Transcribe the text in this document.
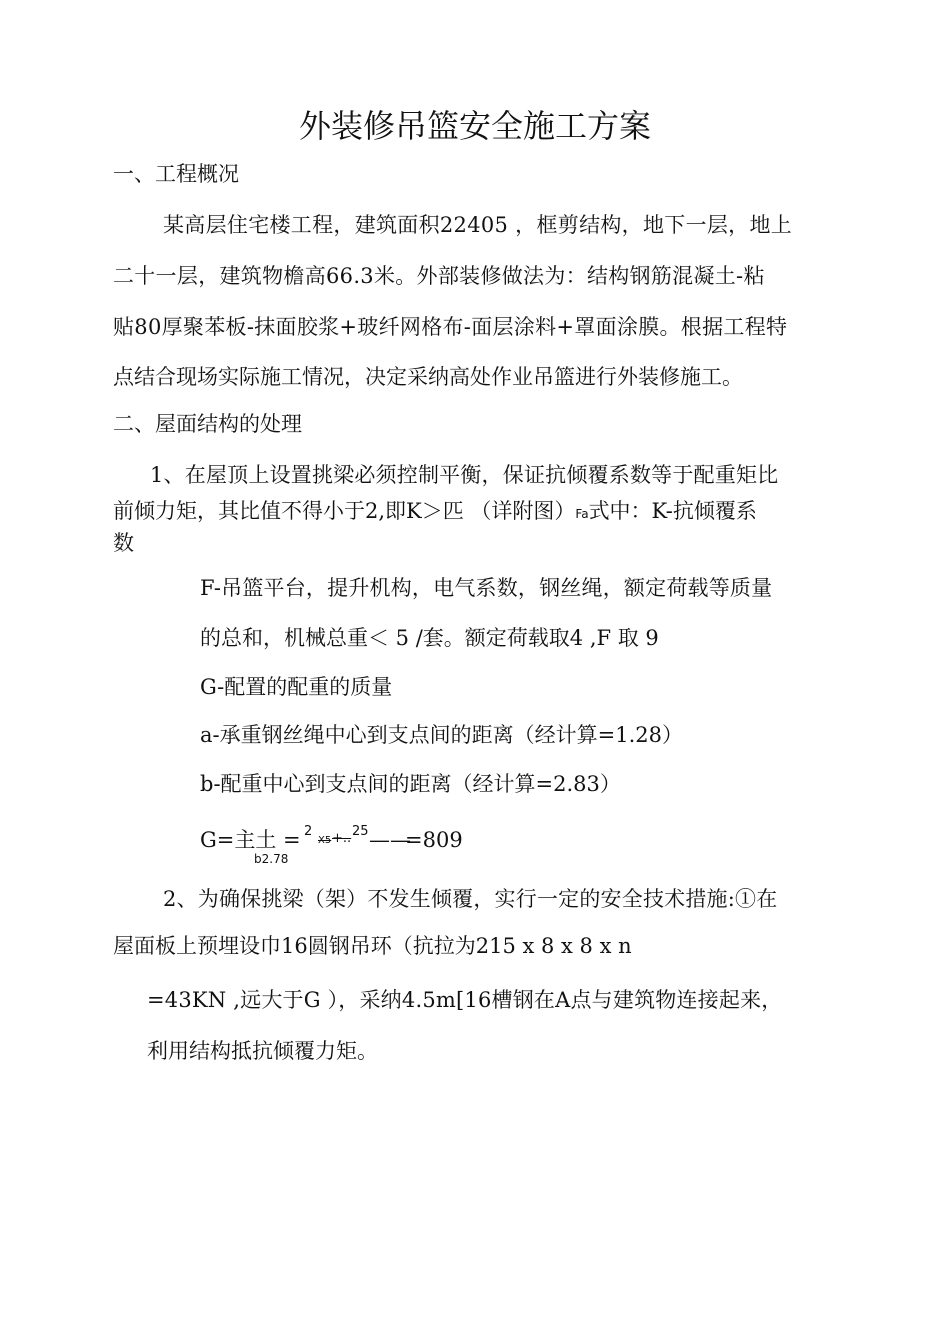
外装修吊篮安全施工方案
一、工程概况
某高层住宅楼工程，建筑面积22405 ，框剪结构，地下一层，地上
二十一层，建筑物檐高66.3米。外部装修做法为：结构钢筋混凝土-粘
贴80厚聚苯板-抹面胶浆+玻纤网格布-面层涂料+罩面涂膜。根据工程特
点结合现场实际施工情况，决定采纳高处作业吊篮进行外装修施工。
二、屋面结构的处理
1、在屋顶上设置挑梁必须控制平衡，保证抗倾覆系数等于配重矩比
前倾力矩，其比值不得小于2,即K＞匹 （详附图）Fa式中：K-抗倾覆系
数
F-吊篮平台，提升机构，电气系数，钢丝绳，额定荷载等质量
的总和，机械总重＜ 5 /套。额定荷载取4 ,F 取 9
G-配置的配重的质量
a-承重钢丝绳中心到支点间的距离（经计算=1.28）
b-配重中心到支点间的距离（经计算=2.83）
G=主土 = 2
X5 +.. 25 ——
=809
b2.78
2、为确保挑梁（架）不发生倾覆，实行一定的安全技术措施:①在
屋面板上预埋设巾16圆钢吊环（抗拉为215 x 8 x 8 x n
=43KN ,远大于G ），采纳4.5m[16槽钢在A点与建筑物连接起来，
利用结构抵抗倾覆力矩。
